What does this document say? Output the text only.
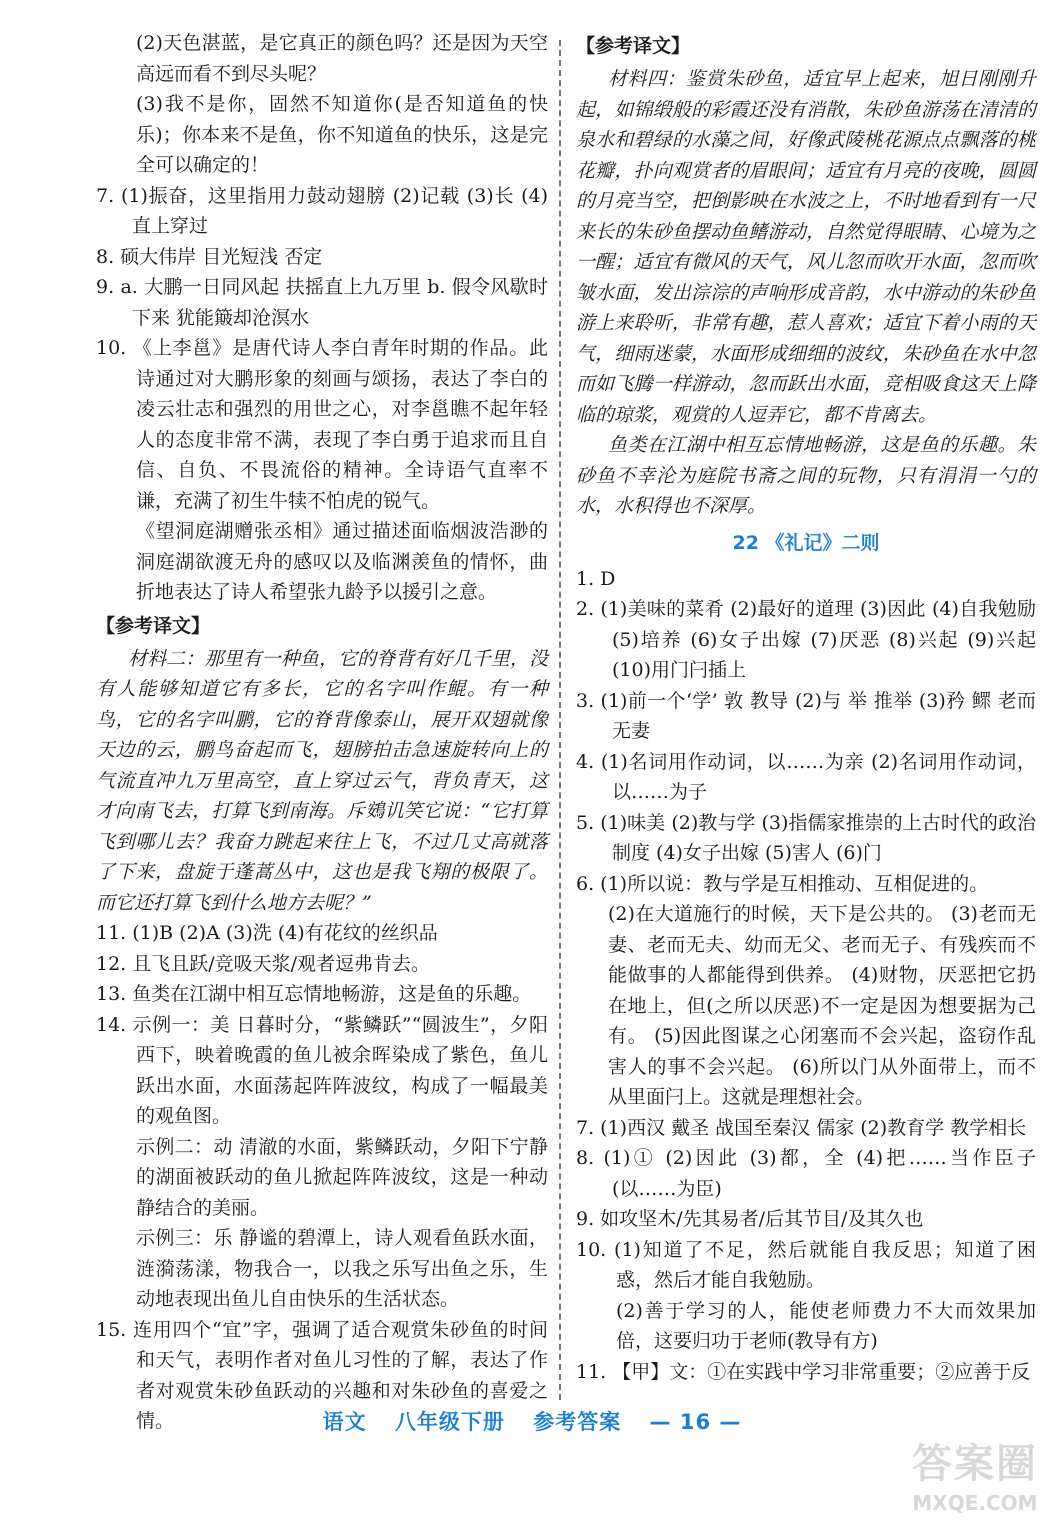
(2)天色湛蓝，是它真正的颜色吗？还是因为天空高远而看不到尽头呢？

(3)我不是你，固然不知道你(是否知道鱼的快乐)；你本来不是鱼，你不知道鱼的快乐，这是完全可以确定的！

7. (1)振奋，这里指用力鼓动翅膀 (2)记载 (3)长 (4)直上穿过

8. 硕大伟岸 目光短浅 否定

9. a. 大鹏一日同风起 扶摇直上九万里 b. 假令风歇时下来 犹能簸却沧溟水

10. 《上李邕》是唐代诗人李白青年时期的作品。此诗通过对大鹏形象的刻画与颂扬，表达了李白的凌云壮志和强烈的用世之心，对李邕瞧不起年轻人的态度非常不满，表现了李白勇于追求而且自信、自负、不畏流俗的精神。全诗语气直率不谦，充满了初生牛犊不怕虎的锐气。

《望洞庭湖赠张丞相》通过描述面临烟波浩渺的洞庭湖欲渡无舟的感叹以及临渊羡鱼的情怀，曲折地表达了诗人希望张九龄予以援引之意。

【参考译文】

材料二：那里有一种鱼，它的脊背有好几千里，没有人能够知道它有多长，它的名字叫作鲲。有一种鸟，它的名字叫鹏，它的脊背像泰山，展开双翅就像天边的云，鹏鸟奋起而飞，翅膀拍击急速旋转向上的气流直冲九万里高空，直上穿过云气，背负青天，这才向南飞去，打算飞到南海。斥鴳讥笑它说：“它打算飞到哪儿去？我奋力跳起来往上飞，不过几丈高就落了下来，盘旋于蓬蒿丛中，这也是我飞翔的极限了。而它还打算飞到什么地方去呢？”

11. (1)B (2)A (3)洗 (4)有花纹的丝织品

12. 且飞且跃/竞吸天浆/观者逗弗肯去。

13. 鱼类在江湖中相互忘情地畅游，这是鱼的乐趣。

14. 示例一：美 日暮时分，“紫鳞跃”“圆波生”，夕阳西下，映着晚霞的鱼儿被余晖染成了紫色，鱼儿跃出水面，水面荡起阵阵波纹，构成了一幅最美的观鱼图。

示例二：动 清澈的水面，紫鳞跃动，夕阳下宁静的湖面被跃动的鱼儿掀起阵阵波纹，这是一种动静结合的美丽。

示例三：乐 静谧的碧潭上，诗人观看鱼跃水面，涟漪荡漾，物我合一，以我之乐写出鱼之乐，生动地表现出鱼儿自由快乐的生活状态。

15. 连用四个“宜”字，强调了适合观赏朱砂鱼的时间和天气，表明作者对鱼儿习性的了解，表达了作者对观赏朱砂鱼跃动的兴趣和对朱砂鱼的喜爱之情。

【参考译文】

材料四：鉴赏朱砂鱼，适宜早上起来，旭日刚刚升起，如锦缎般的彩霞还没有消散，朱砂鱼游荡在清清的泉水和碧绿的水藻之间，好像武陵桃花源点点飘落的桃花瓣，扑向观赏者的眉眼间；适宜有月亮的夜晚，圆圆的月亮当空，把倒影映在水波之上，不时地看到有一尺来长的朱砂鱼摆动鱼鳍游动，自然觉得眼睛、心境为之一醒；适宜有微风的天气，风儿忽而吹开水面，忽而吹皱水面，发出淙淙的声响形成音韵，水中游动的朱砂鱼游上来聆听，非常有趣，惹人喜欢；适宜下着小雨的天气，细雨迷蒙，水面形成细细的波纹，朱砂鱼在水中忽而如飞腾一样游动，忽而跃出水面，竞相吸食这天上降临的琼浆，观赏的人逗弄它，都不肯离去。

鱼类在江湖中相互忘情地畅游，这是鱼的乐趣。朱砂鱼不幸沦为庭院书斋之间的玩物，只有涓涓一勺的水，水积得也不深厚。

22 《礼记》二则

1. D

2. (1)美味的菜肴 (2)最好的道理 (3)因此 (4)自我勉励 (5)培养 (6)女子出嫁 (7)厌恶 (8)兴起 (9)兴起 (10)用门闩插上

3. (1)前一个‘学’ 敦 教导 (2)与 举 推举 (3)矜 鳏 老而无妻

4. (1)名词用作动词，以……为亲 (2)名词用作动词，以……为子

5. (1)味美 (2)教与学 (3)指儒家推崇的上古时代的政治制度 (4)女子出嫁 (5)害人 (6)门

6. (1)所以说：教与学是互相推动、互相促进的。

(2)在大道施行的时候，天下是公共的。 (3)老而无妻、老而无夫、幼而无父、老而无子、有残疾而不能做事的人都能得到供养。 (4)财物，厌恶把它扔在地上，但(之所以厌恶)不一定是因为想要据为己有。 (5)因此图谋之心闭塞而不会兴起，盗窃作乱害人的事不会兴起。 (6)所以门从外面带上，而不从里面闩上。这就是理想社会。

7. (1)西汉 戴圣 战国至秦汉 儒家 (2)教育学 教学相长

8. (1)① (2)因此 (3)都，全 (4)把……当作臣子(以……为臣)

9. 如攻坚木/先其易者/后其节目/及其久也

10. (1)知道了不足，然后就能自我反思；知道了困惑，然后才能自我勉励。

(2)善于学习的人，能使老师费力不大而效果加倍，这要归功于老师(教导有方)

11. 【甲】文：①在实践中学习非常重要；②应善于反

语文 八年级下册 参考答案 — 16 —
答案圈
MXQE.COM
